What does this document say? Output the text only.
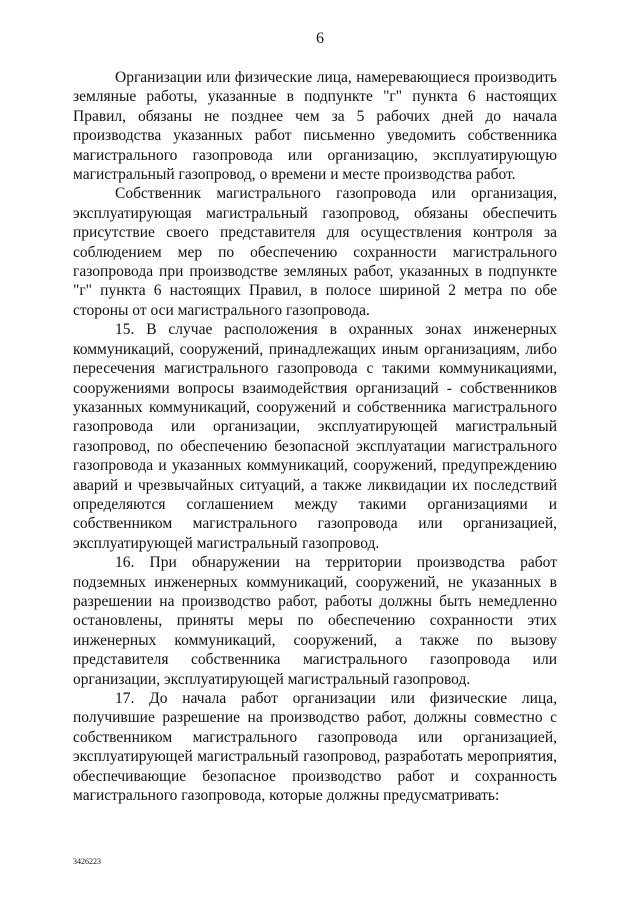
6

Организации или физические лица, намеревающиеся производить земляные работы, указанные в подпункте "г" пункта 6 настоящих Правил, обязаны не позднее чем за 5 рабочих дней до начала производства указанных работ письменно уведомить собственника магистрального газопровода или организацию, эксплуатирующую магистральный газопровод, о времени и месте производства работ.

Собственник магистрального газопровода или организация, эксплуатирующая магистральный газопровод, обязаны обеспечить присутствие своего представителя для осуществления контроля за соблюдением мер по обеспечению сохранности магистрального газопровода при производстве земляных работ, указанных в подпункте "г" пункта 6 настоящих Правил, в полосе шириной 2 метра по обе стороны от оси магистрального газопровода.

15. В случае расположения в охранных зонах инженерных коммуникаций, сооружений, принадлежащих иным организациям, либо пересечения магистрального газопровода с такими коммуникациями, сооружениями вопросы взаимодействия организаций - собственников указанных коммуникаций, сооружений и собственника магистрального газопровода или организации, эксплуатирующей магистральный газопровод, по обеспечению безопасной эксплуатации магистрального газопровода и указанных коммуникаций, сооружений, предупреждению аварий и чрезвычайных ситуаций, а также ликвидации их последствий определяются соглашением между такими организациями и собственником магистрального газопровода или организацией, эксплуатирующей магистральный газопровод.

16. При обнаружении на территории производства работ подземных инженерных коммуникаций, сооружений, не указанных в разрешении на производство работ, работы должны быть немедленно остановлены, приняты меры по обеспечению сохранности этих инженерных коммуникаций, сооружений, а также по вызову представителя собственника магистрального газопровода или организации, эксплуатирующей магистральный газопровод.

17. До начала работ организации или физические лица, получившие разрешение на производство работ, должны совместно с собственником магистрального газопровода или организацией, эксплуатирующей магистральный газопровод, разработать мероприятия, обеспечивающие безопасное производство работ и сохранность магистрального газопровода, которые должны предусматривать:

3426223
